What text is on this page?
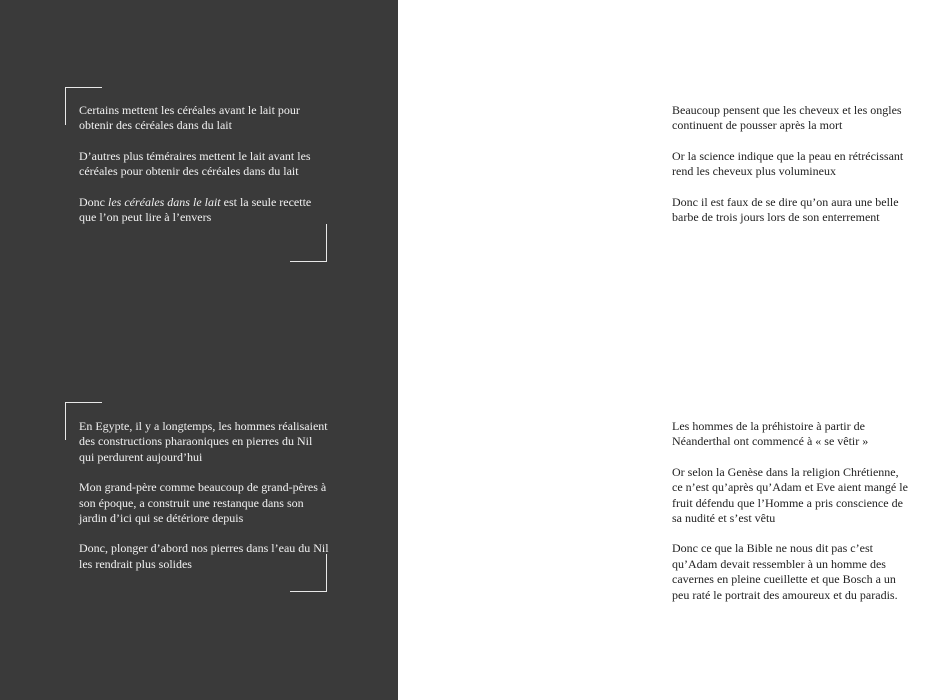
Certains mettent les céréales avant le lait pour obtenir des céréales dans du lait

D’autres plus téméraires mettent le lait avant les céréales pour obtenir des céréales dans du lait

Donc les céréales dans le lait est la seule recette que l’on peut lire à l’envers

En Egypte, il y a longtemps, les hommes réalisaient des constructions pharaoniques en pierres du Nil qui perdurent aujourd’hui

Mon grand-père comme beaucoup de grand-pères à son époque, a construit une restanque dans son jardin d’ici qui se détériore depuis

Donc, plonger d’abord nos pierres dans l’eau du Nil les rendrait plus solides

Beaucoup pensent que les cheveux et les ongles continuent de pousser après la mort

Or la science indique que la peau en rétrécissant rend les cheveux plus volumineux

Donc il est faux de se dire qu’on aura une belle barbe de trois jours lors de son enterrement

Les hommes de la préhistoire à partir de Néanderthal ont commencé à « se vêtir »

Or selon la Genèse dans la religion Chrétienne, ce n’est qu’après qu’Adam et Eve aient mangé le fruit défendu que l’Homme a pris conscience de sa nudité et s’est vêtu

Donc ce que la Bible ne nous dit pas c’est qu’Adam devait ressembler à un homme des cavernes en pleine cueillette et que Bosch a un peu raté le portrait des amoureux et du paradis.
